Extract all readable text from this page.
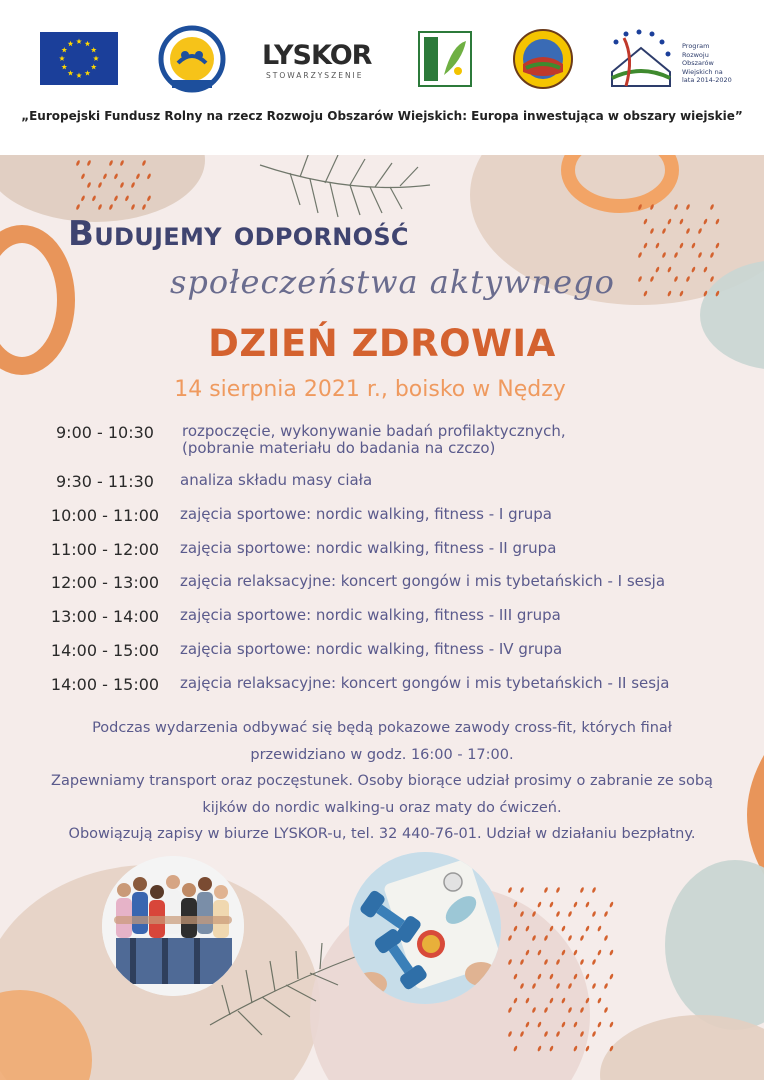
LYSKOR
STOWARZYSZENIE
Program Rozwoju Obszarów Wiejskich na lata 2014-2020
„Europejski Fundusz Rolny na rzecz Rozwoju Obszarów Wiejskich: Europa inwestująca w obszary wiejskie”
Budujemy odporność
społeczeństwa aktywnego
DZIEŃ ZDROWIA
14 sierpnia 2021 r., boisko w Nędzy
9:00 - 10:30	rozpoczęcie, wykonywanie badań profilaktycznych,
(pobranie materiału do badania na czczo)
9:30 - 11:30	analiza składu masy ciała
10:00 - 11:00	zajęcia sportowe: nordic walking, fitness - I grupa
11:00 - 12:00	zajęcia sportowe: nordic walking, fitness - II grupa
12:00 - 13:00	zajęcia relaksacyjne: koncert gongów i mis tybetańskich - I sesja
13:00 - 14:00	zajęcia sportowe: nordic walking, fitness - III grupa
14:00 - 15:00	zajęcia sportowe: nordic walking, fitness - IV grupa
14:00 - 15:00	zajęcia relaksacyjne: koncert gongów i mis tybetańskich - II sesja
Podczas wydarzenia odbywać się będą pokazowe zawody cross-fit, których finał
przewidziano w godz. 16:00 - 17:00.
Zapewniamy transport oraz poczęstunek. Osoby biorące udział prosimy o zabranie ze sobą
kijków do nordic walking-u oraz maty do ćwiczeń.
Obowiązują zapisy w biurze LYSKOR-u, tel. 32 440-76-01. Udział w działaniu bezpłatny.
